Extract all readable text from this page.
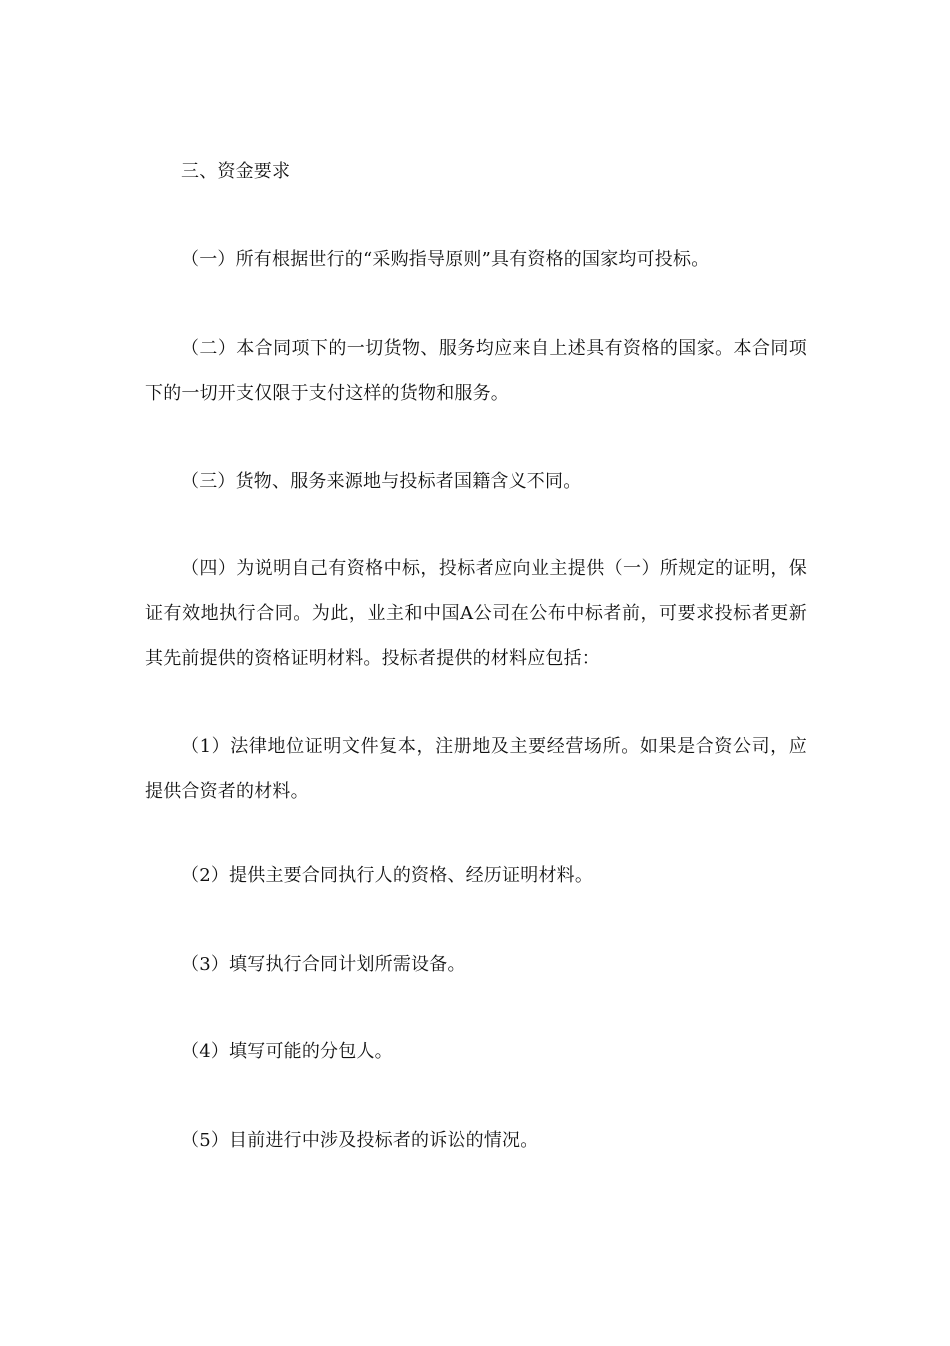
三、资金要求

（一）所有根据世行的“采购指导原则”具有资格的国家均可投标。

（二）本合同项下的一切货物、服务均应来自上述具有资格的国家。本合同项下的一切开支仅限于支付这样的货物和服务。

（三）货物、服务来源地与投标者国籍含义不同。

（四）为说明自己有资格中标，投标者应向业主提供（一）所规定的证明，保证有效地执行合同。为此，业主和中国A公司在公布中标者前，可要求投标者更新其先前提供的资格证明材料。投标者提供的材料应包括：

（1）法律地位证明文件复本，注册地及主要经营场所。如果是合资公司，应提供合资者的材料。

（2）提供主要合同执行人的资格、经历证明材料。

（3）填写执行合同计划所需设备。

（4）填写可能的分包人。

（5）目前进行中涉及投标者的诉讼的情况。
